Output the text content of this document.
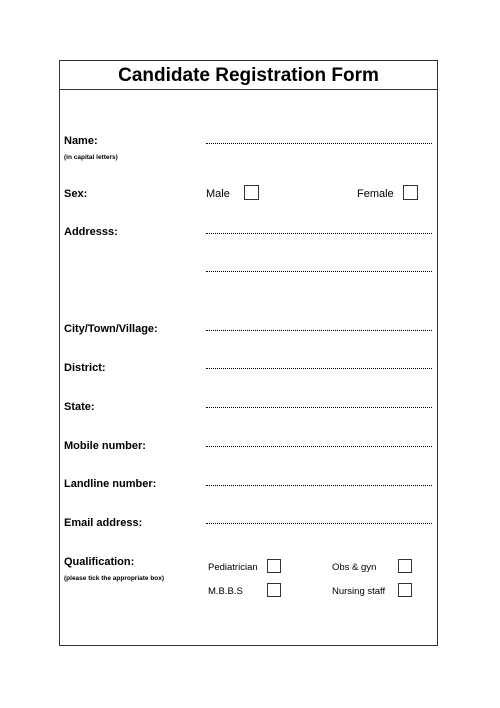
Candidate Registration Form
Name:
(in capital letters)
Sex:	Male	Female
Addresss:
City/Town/Village:
District:
State:
Mobile number:
Landline number:
Email address:
Qualification:
(please tick the appropriate box)
Pediatrician	Obs & gyn
M.B.B.S	Nursing staff
